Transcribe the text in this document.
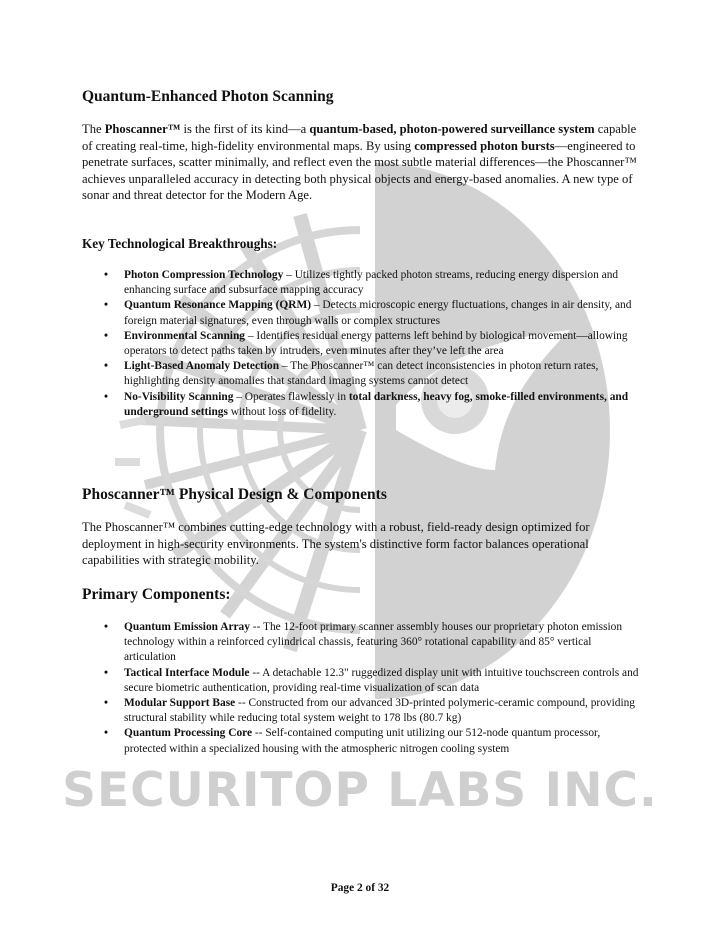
SECURITOP LABS INC.
Quantum-Enhanced Photon Scanning

The Phoscanner™ is the first of its kind—a quantum-based, photon-powered surveillance system capable of creating real-time, high-fidelity environmental maps. By using compressed photon bursts—engineered to penetrate surfaces, scatter minimally, and reflect even the most subtle material differences—the Phoscanner™ achieves unparalleled accuracy in detecting both physical objects and energy-based anomalies. A new type of sonar and threat detector for the Modern Age.

Key Technological Breakthroughs:
• Photon Compression Technology – Utilizes tightly packed photon streams, reducing energy dispersion and enhancing surface and subsurface mapping accuracy
• Quantum Resonance Mapping (QRM) – Detects microscopic energy fluctuations, changes in air density, and foreign material signatures, even through walls or complex structures
• Environmental Scanning – Identifies residual energy patterns left behind by biological movement—allowing operators to detect paths taken by intruders, even minutes after they’ve left the area
• Light-Based Anomaly Detection – The Phoscanner™ can detect inconsistencies in photon return rates, highlighting density anomalies that standard imaging systems cannot detect
• No-Visibility Scanning – Operates flawlessly in total darkness, heavy fog, smoke-filled environments, and underground settings without loss of fidelity.
Phoscanner™ Physical Design & Components

The Phoscanner™ combines cutting-edge technology with a robust, field-ready design optimized for deployment in high-security environments. The system's distinctive form factor balances operational capabilities with strategic mobility.

Primary Components:
• Quantum Emission Array -- The 12-foot primary scanner assembly houses our proprietary photon emission technology within a reinforced cylindrical chassis, featuring 360° rotational capability and 85° vertical articulation
• Tactical Interface Module -- A detachable 12.3" ruggedized display unit with intuitive touchscreen controls and secure biometric authentication, providing real-time visualization of scan data
• Modular Support Base -- Constructed from our advanced 3D-printed polymeric-ceramic compound, providing structural stability while reducing total system weight to 178 lbs (80.7 kg)
• Quantum Processing Core -- Self-contained computing unit utilizing our 512-node quantum processor, protected within a specialized housing with the atmospheric nitrogen cooling system
Page 2 of 32
